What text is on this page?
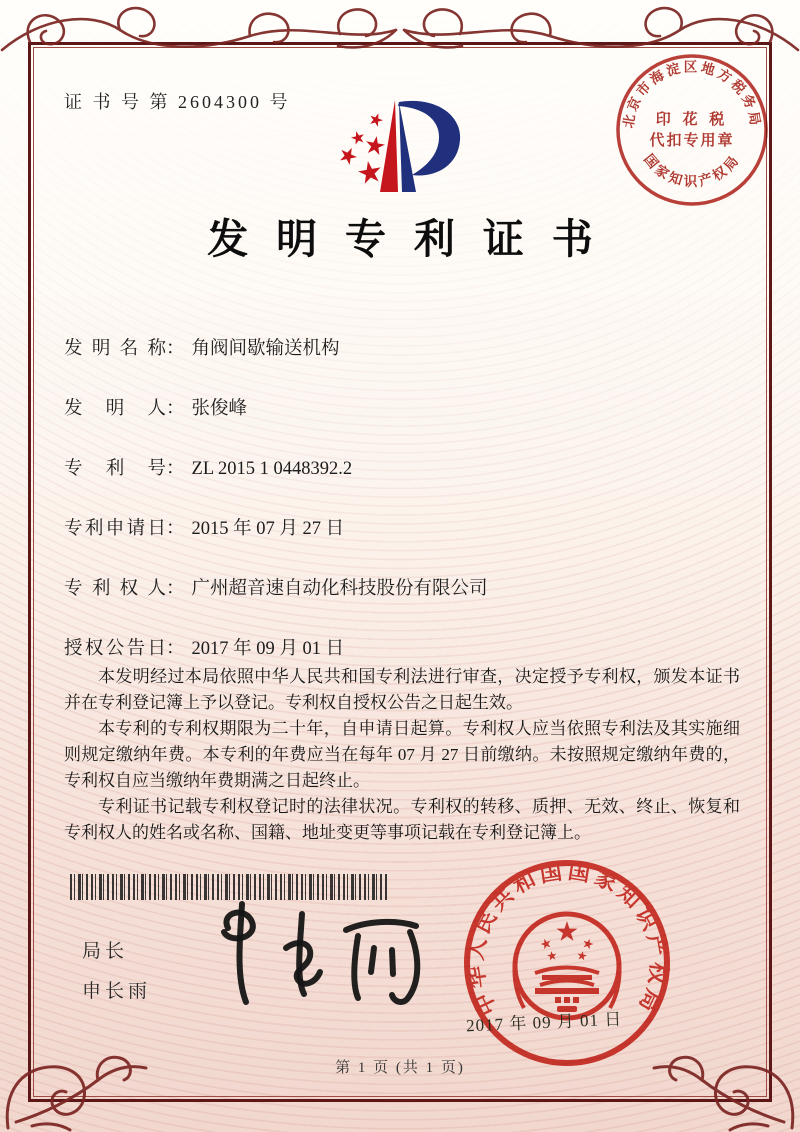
证 书 号 第 2604300 号
北京市海淀区地方税务局
印 花 税
代扣专用章
国家知识产权局
发明专利证书
发明名称： 角阀间歇输送机构
发明人： 张俊峰
专利号： ZL 2015 1 0448392.2
专利申请日： 2015 年 07 月 27 日
专利权人： 广州超音速自动化科技股份有限公司
授权公告日： 2017 年 09 月 01 日

本发明经过本局依照中华人民共和国专利法进行审查，决定授予专利权，颁发本证书并在专利登记簿上予以登记。专利权自授权公告之日起生效。

本专利的专利权期限为二十年，自申请日起算。专利权人应当依照专利法及其实施细则规定缴纳年费。本专利的年费应当在每年 07 月 27 日前缴纳。未按照规定缴纳年费的，专利权自应当缴纳年费期满之日起终止。

专利证书记载专利权登记时的法律状况。专利权的转移、质押、无效、终止、恢复和专利权人的姓名或名称、国籍、地址变更等事项记载在专利登记簿上。

局长
申长雨	中华人民共和国国家知识产权局
2017 年 09 月 01 日
第 1 页 (共 1 页)
